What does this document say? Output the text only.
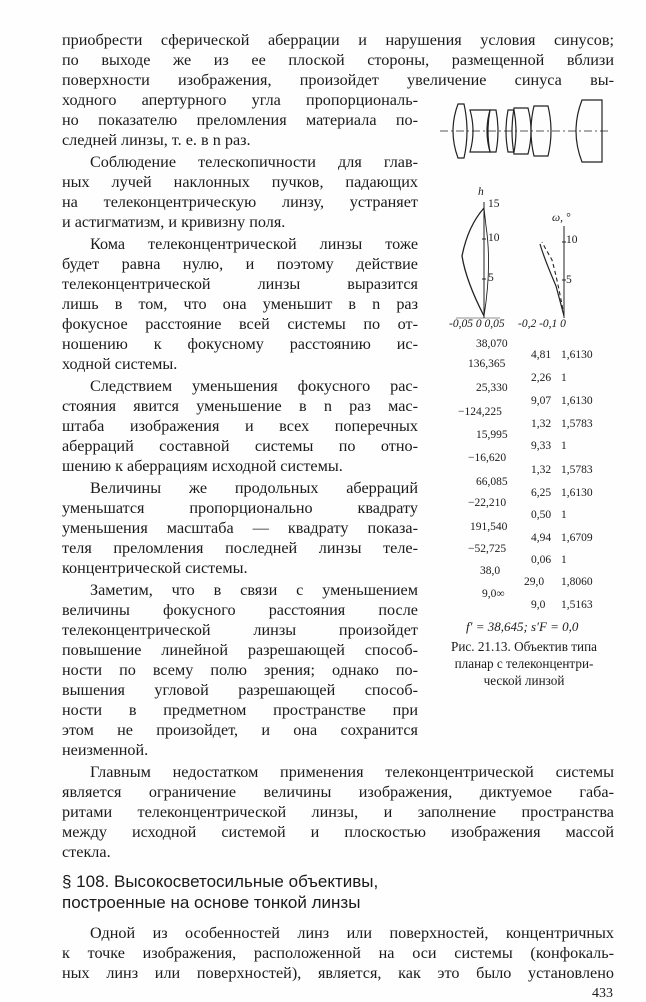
приобрести сферической аберрации и нарушения условия синусов;
по выходе же из ее плоской стороны, размещенной вблизи
поверхности изображения, произойдет увеличение синуса вы-
ходного апертурного угла пропорциональ-
но показателю преломления материала по-
следней линзы, т. е. в n раз.
Соблюдение телескопичности для глав-
ных лучей наклонных пучков, падающих
на телеконцентрическую линзу, устраняет
и астигматизм, и кривизну поля.
Кома телеконцентрической линзы тоже
будет равна нулю, и поэтому действие
телеконцентрической линзы выразится
лишь в том, что она уменьшит в n раз
фокусное расстояние всей системы по от-
ношению к фокусному расстоянию ис-
ходной системы.
Следствием уменьшения фокусного рас-
стояния явится уменьшение в n раз мас-
штаба изображения и всех поперечных
аберраций составной системы по отно-
шению к аберрациям исходной системы.
Величины же продольных аберраций
уменьшатся пропорционально квадрату
уменьшения масштаба — квадрату показа-
теля преломления последней линзы теле-
концентрической системы.
Заметим, что в связи с уменьшением
величины фокусного расстояния после
телеконцентрической линзы произойдет
повышение линейной разрешающей способ-
ности по всему полю зрения; однако по-
вышения угловой разрешающей способ-
ности в предметном пространстве при
этом не произойдет, и она сохранится
неизменной.
Главным недостатком применения телеконцентрической системы
является ограничение величины изображения, диктуемое габа-
ритами телеконцентрической линзы, и заполнение пространства
между исходной системой и плоскостью изображения массой
стекла.
§ 108. Высокосветосильные объективы,
построенные на основе тонкой линзы
Одной из особенностей линз или поверхностей, концентричных
к точке изображения, расположенной на оси системы (конфокаль-
ных линз или поверхностей), является, как это было установлено
433
h
15
10
5
ω, °
10
5
-0,05 0 0,05 -0,2 -0,1 0
38,070
136,365
25,330
−124,225
15,995
−16,620
66,085
−22,210
191,540
−52,725
38,0
9,0∞
4,81 1,6130
2,26 1
9,07 1,6130
1,32 1,5783
9,33 1
1,32 1,5783
6,25 1,6130
0,50 1
4,94 1,6709
0,06 1
29,0 1,8060
9,0 1,5163
f′ = 38,645; s′F = 0,0
Рис. 21.13. Объектив типа
планар с телеконцентри-
ческой линзой
